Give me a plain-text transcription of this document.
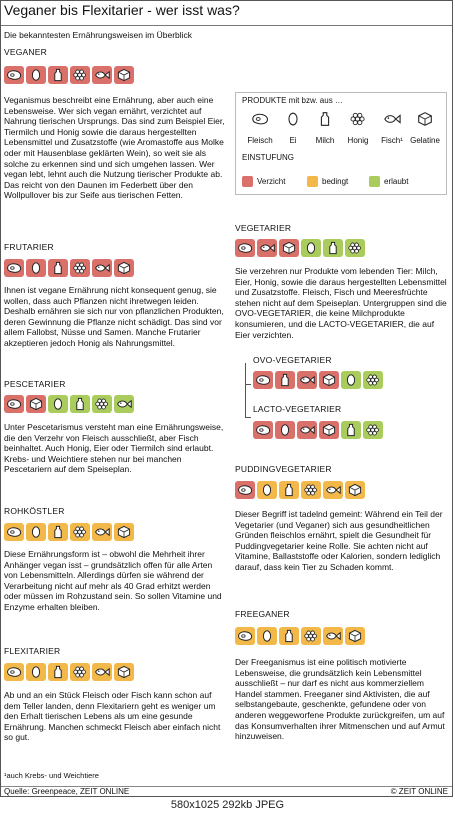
Veganer bis Flexitarier - wer isst was?
Die bekanntesten Ernährungsweisen im Überblick
VEGANER
Veganismus beschreibt eine Ernährung, aber auch eine Lebensweise. Wer sich vegan ernährt, verzichtet auf Nahrung tierischen Ursprungs. Das sind zum Beispiel Eier, Tiermilch und Honig sowie die daraus hergestellten Lebensmittel und Zusatzstoffe (wie Aromastoffe aus Molke oder mit Hausenblase geklärten Wein), so weit sie als solche zu erkennen sind und sich umgehen lassen. Wer vegan lebt, lehnt auch die Nutzung tierischer Produkte ab. Das reicht von den Daunen im Federbett über den Wollpullover bis zur Seife aus tierischen Fetten.
FRUTARIER
Ihnen ist vegane Ernährung nicht konsequent genug, sie wollen, dass auch Pflanzen nicht ihretwegen leiden. Deshalb ernähren sie sich nur von pflanzlichen Produkten, deren Gewinnung die Pflanze nicht schädigt. Das sind vor allem Fallobst, Nüsse und Samen. Manche Frutarier akzeptieren jedoch Honig als Nahrungsmittel.
PESCETARIER
Unter Pescetarismus versteht man eine Ernährungsweise, die den Verzehr von Fleisch ausschließt, aber Fisch beinhaltet. Auch Honig, Eier oder Tiermilch sind erlaubt. Krebs- und Weichtiere stehen nur bei manchen Pescetariern auf dem Speiseplan.
ROHKÖSTLER
Diese Ernährungsform ist – obwohl die Mehrheit ihrer Anhänger vegan isst – grundsätzlich offen für alle Arten von Lebensmitteln. Allerdings dürfen sie während der Verarbeitung nicht auf mehr als 40 Grad erhitzt werden oder müssen im Rohzustand sein. So sollen Vitamine und Enzyme erhalten bleiben.
FLEXITARIER
Ab und an ein Stück Fleisch oder Fisch kann schon auf dem Teller landen, denn Flexitariern geht es weniger um den Erhalt tierischen Lebens als um eine gesunde Ernährung. Manchen schmeckt Fleisch aber einfach nicht so gut.
PRODUKTE mit bzw. aus …
Fleisch	Ei	Milch	Honig	Fisch¹ Gelatine
EINSTUFUNG
Verzicht	bedingt	erlaubt
VEGETARIER
Sie verzehren nur Produkte vom lebenden Tier: Milch, Eier, Honig, sowie die daraus hergestellten Lebensmittel und Zusatzstoffe. Fleisch, Fisch und Meeresfrüchte stehen nicht auf dem Speiseplan. Untergruppen sind die OVO-VEGETARIER, die keine Milchprodukte konsumieren, und die LACTO-VEGETARIER, die auf Eier verzichten.
OVO-VEGETARIER
LACTO-VEGETARIER
PUDDINGVEGETARIER
Dieser Begriff ist tadelnd gemeint: Während ein Teil der Vegetarier (und Veganer) sich aus gesundheitlichen Gründen fleischlos ernährt, spielt die Gesundheit für Puddingvegetarier keine Rolle. Sie achten nicht auf Vitamine, Ballaststoffe oder Kalorien, sondern lediglich darauf, dass kein Tier zu Schaden kommt.
FREEGANER
Der Freeganismus ist eine politisch motivierte Lebensweise, die grundsätzlich kein Lebensmittel ausschließt – nur darf es nicht aus kommerziellem Handel stammen. Freeganer sind Aktivisten, die auf selbstangebaute, geschenkte, gefundene oder von anderen weggeworfene Produkte zurückgreifen, um auf das Konsumverhalten ihrer Mitmenschen und auf Armut hinzuweisen.
¹auch Krebs- und Weichtiere
Quelle: Greenpeace, ZEIT ONLINE	© ZEIT ONLINE
580x1025 292kb JPEG
